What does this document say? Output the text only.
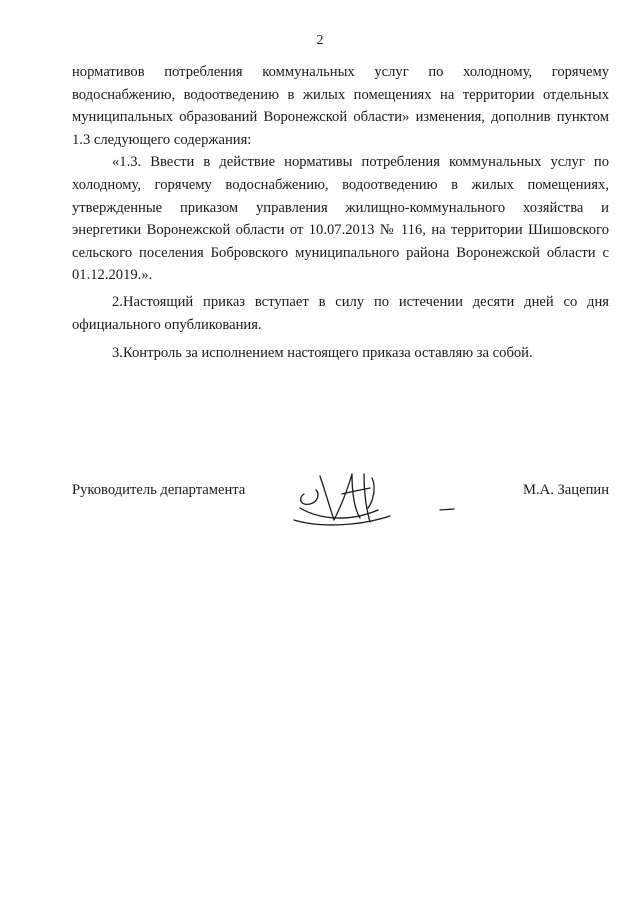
2

нормативов потребления коммунальных услуг по холодному, горячему водоснабжению, водоотведению в жилых помещениях на территории отдельных муниципальных образований Воронежской области» изменения, дополнив пунктом 1.3 следующего содержания:

«1.3. Ввести в действие нормативы потребления коммунальных услуг по холодному, горячему водоснабжению, водоотведению в жилых помещениях, утвержденные приказом управления жилищно-коммунального хозяйства и энергетики Воронежской области от 10.07.2013 № 116, на территории Шишовского сельского поселения Бобровского муниципального района Воронежской области с 01.12.2019.».

2.Настоящий приказ вступает в силу по истечении десяти дней со дня официального опубликования.

3.Контроль за исполнением настоящего приказа оставляю за собой.

Руководитель департамента	М.А. Зацепин
